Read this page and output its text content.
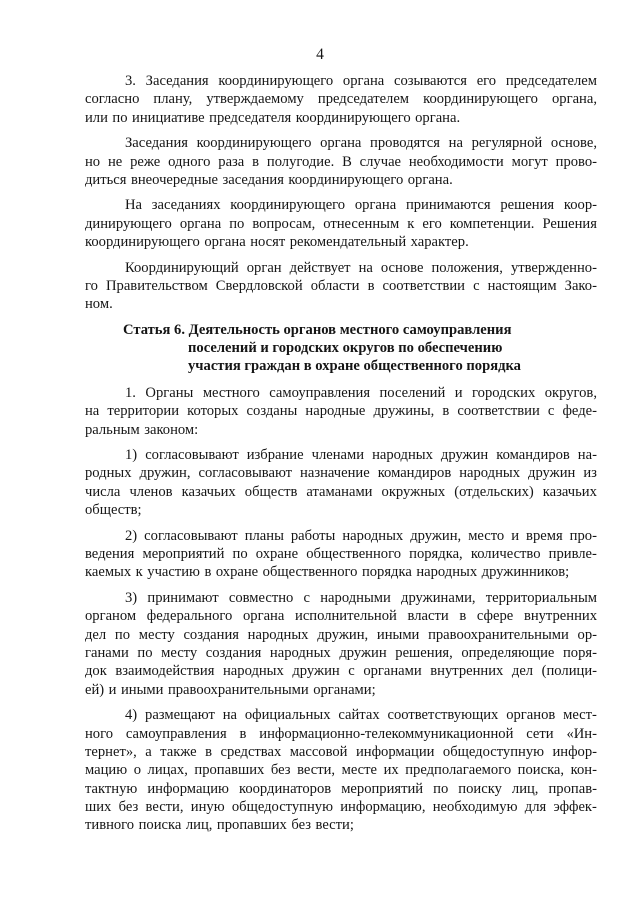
4
3. Заседания координирующего органа созываются его председателем
согласно плану, утверждаемому председателем координирующего органа,
или по инициативе председателя координирующего органа.
Заседания координирующего органа проводятся на регулярной основе,
но не реже одного раза в полугодие. В случае необходимости могут прово-
диться внеочередные заседания координирующего органа.
На заседаниях координирующего органа принимаются решения коор-
динирующего органа по вопросам, отнесенным к его компетенции. Решения
координирующего органа носят рекомендательный характер.
Координирующий орган действует на основе положения, утвержденно-
го Правительством Свердловской области в соответствии с настоящим Зако-
ном.
Статья 6. Деятельность органов местного самоуправления
поселений и городских округов по обеспечению
участия граждан в охране общественного порядка
1. Органы местного самоуправления поселений и городских округов,
на территории которых созданы народные дружины, в соответствии с феде-
ральным законом:
1) согласовывают избрание членами народных дружин командиров на-
родных дружин, согласовывают назначение командиров народных дружин из
числа членов казачьих обществ атаманами окружных (отдельских) казачьих
обществ;
2) согласовывают планы работы народных дружин, место и время про-
ведения мероприятий по охране общественного порядка, количество привле-
каемых к участию в охране общественного порядка народных дружинников;
3) принимают совместно с народными дружинами, территориальным
органом федерального органа исполнительной власти в сфере внутренних
дел по месту создания народных дружин, иными правоохранительными ор-
ганами по месту создания народных дружин решения, определяющие поря-
док взаимодействия народных дружин с органами внутренних дел (полици-
ей) и иными правоохранительными органами;
4) размещают на официальных сайтах соответствующих органов мест-
ного самоуправления в информационно-телекоммуникационной сети «Ин-
тернет», а также в средствах массовой информации общедоступную инфор-
мацию о лицах, пропавших без вести, месте их предполагаемого поиска, кон-
тактную информацию координаторов мероприятий по поиску лиц, пропав-
ших без вести, иную общедоступную информацию, необходимую для эффек-
тивного поиска лиц, пропавших без вести;
